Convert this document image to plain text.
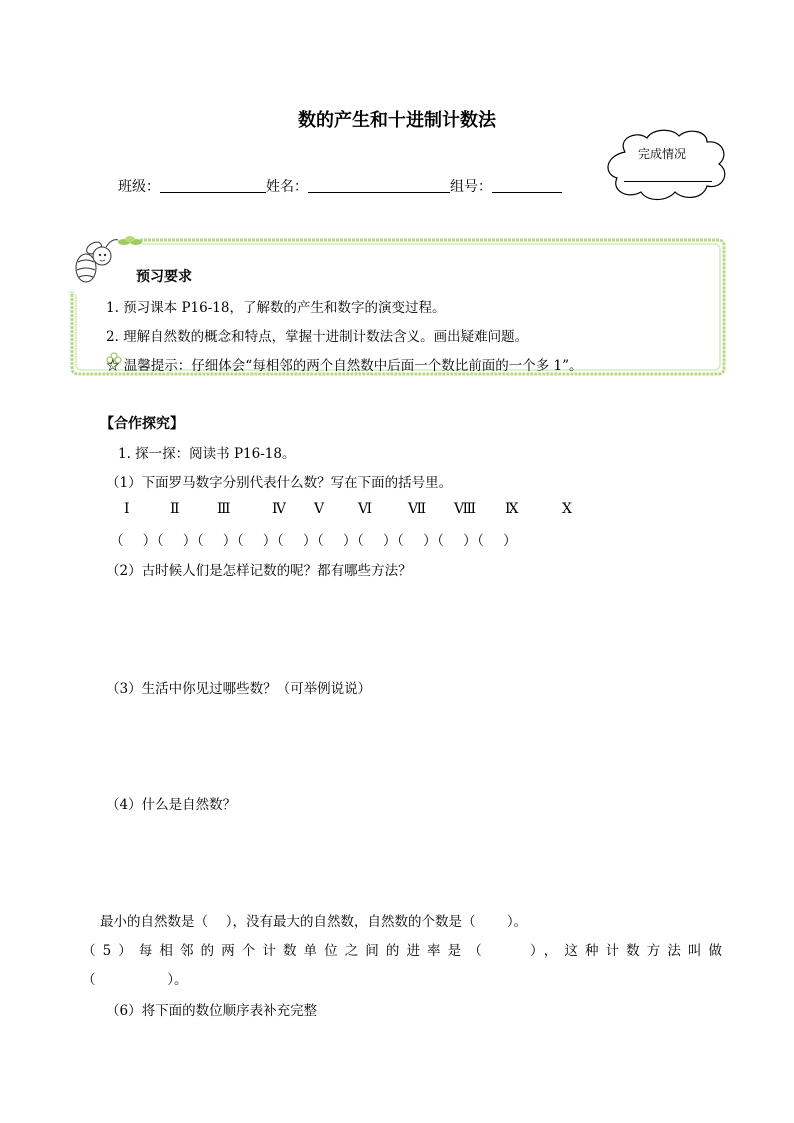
数的产生和十进制计数法
班级：	姓名：	组号：
完成情况
预习要求
1. 预习课本 P16-18，了解数的产生和数字的演变过程。
2. 理解自然数的概念和特点，掌握十进制计数法含义。画出疑难问题。
☆ 温馨提示：仔细体会“每相邻的两个自然数中后面一个数比前面的一个多 1”。
【合作探究】
1. 探一探：阅读书 P16-18。
（1）下面罗马数字分别代表什么数？写在下面的括号里。
Ⅰ	Ⅱ	Ⅲ	Ⅳ Ⅴ Ⅵ	Ⅶ Ⅷ Ⅸ	Ⅹ
（　 ）（　 ）（　 ）（　 ）（　 ）（　 ）（　 ）（　 ）（　 ）（　 ）
（2）古时候人们是怎样记数的呢？都有哪些方法？
（3）生活中你见过哪些数？（可举例说说）
（4）什么是自然数？
最小的自然数是（　 ），没有最大的自然数，自然数的个数是（　　 ）。
（5）每相邻的两个计数单位之间的进率是（　　），这种计数方法叫做
（　　　　　 ）。
（6）将下面的数位顺序表补充完整
